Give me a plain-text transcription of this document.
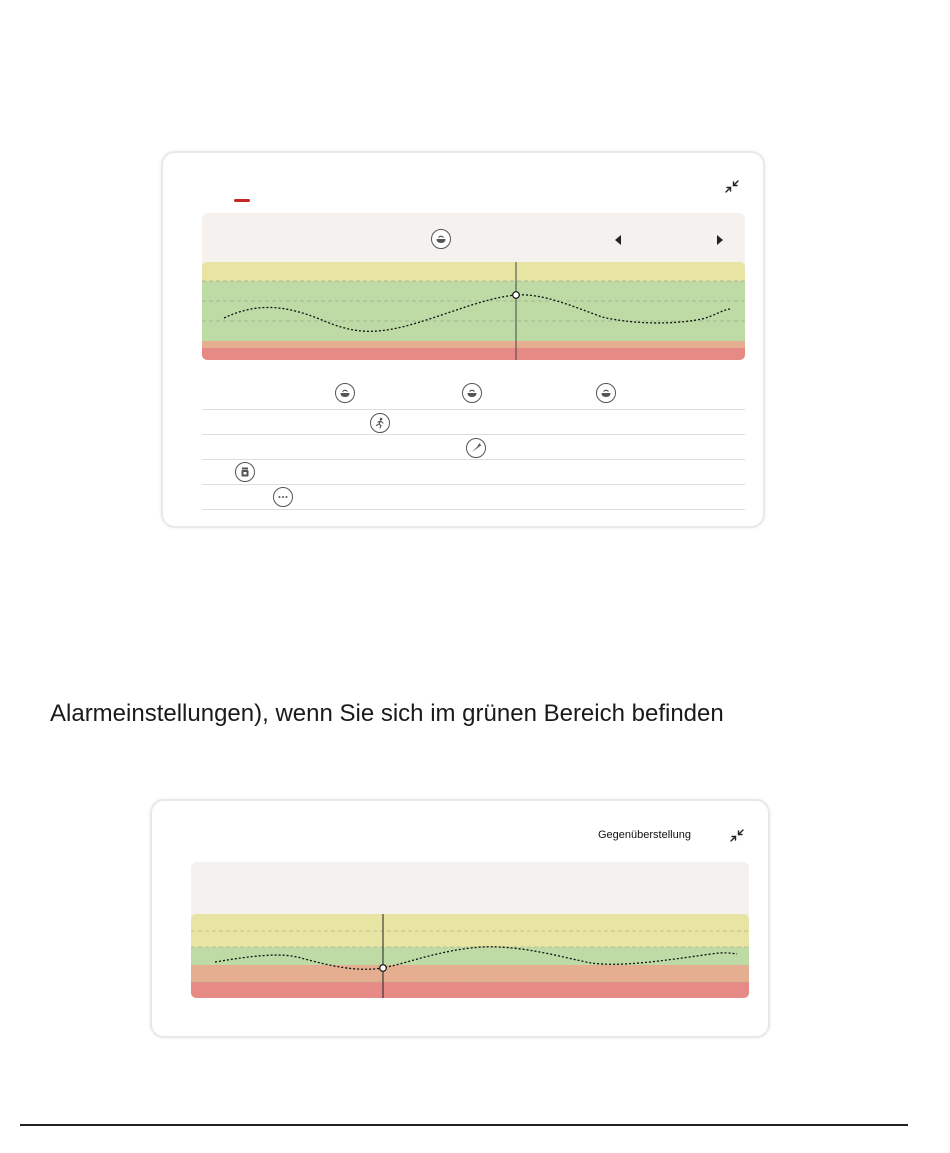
Alarmeinstellungen), wenn Sie sich im grünen Bereich befinden
Gegenüberstellung
